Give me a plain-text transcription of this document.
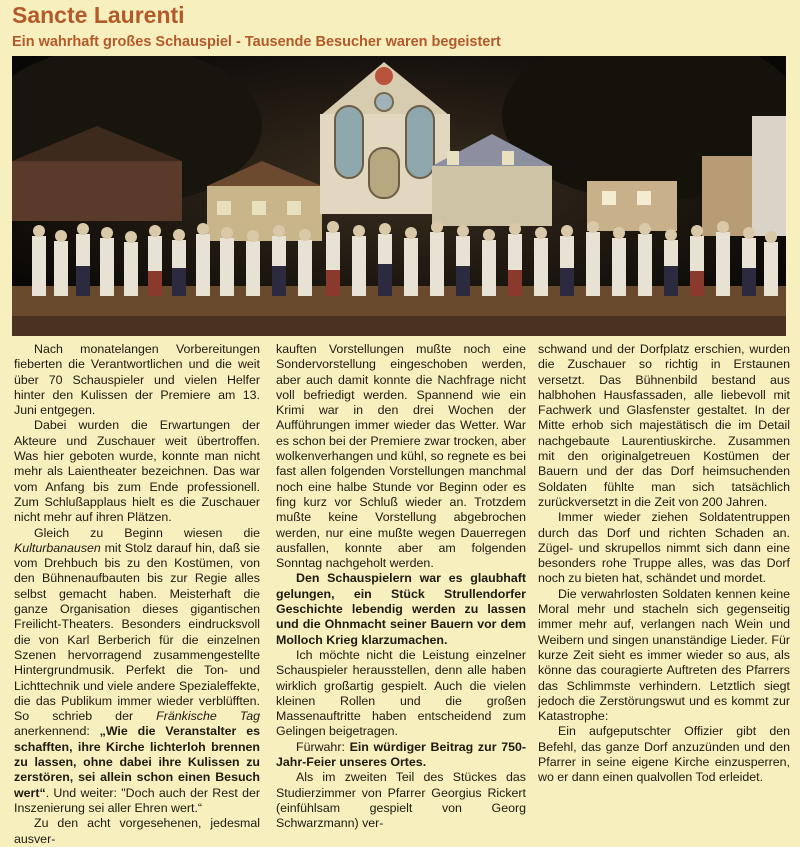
Sancte Laurenti
Ein wahrhaft großes Schauspiel - Tausende Besucher waren begeistert

Nach monatelangen Vorbereitungen fieberten die Verantwortlichen und die weit über 70 Schauspieler und vielen Helfer hinter den Kulissen der Premiere am 13. Juni entgegen.

Dabei wurden die Erwartungen der Akteure und Zuschauer weit übertroffen. Was hier geboten wurde, konnte man nicht mehr als Laientheater bezeichnen. Das war vom Anfang bis zum Ende professionell. Zum Schlußapplaus hielt es die Zuschauer nicht mehr auf ihren Plätzen.

Gleich zu Beginn wiesen die Kulturbanausen mit Stolz darauf hin, daß sie vom Drehbuch bis zu den Kostümen, von den Bühnenaufbauten bis zur Regie alles selbst gemacht haben. Meisterhaft die ganze Organisation dieses gigantischen Freilicht-Theaters. Besonders eindrucksvoll die von Karl Berberich für die einzelnen Szenen hervorragend zusammengestellte Hintergrundmusik. Perfekt die Ton- und Lichttechnik und viele andere Spezialeffekte, die das Publikum immer wieder verblüfften. So schrieb der Fränkische Tag anerkennend: „Wie die Veranstalter es schafften, ihre Kirche lichterloh brennen zu lassen, ohne dabei ihre Kulissen zu zerstören, sei allein schon einen Besuch wert“. Und weiter: "Doch auch der Rest der Inszenierung sei aller Ehren wert.“

Zu den acht vorgesehenen, jedesmal ausver-

kauften Vorstellungen mußte noch eine Sondervorstellung eingeschoben werden, aber auch damit konnte die Nachfrage nicht voll befriedigt werden. Spannend wie ein Krimi war in den drei Wochen der Aufführungen immer wieder das Wetter. War es schon bei der Premiere zwar trocken, aber wolkenverhangen und kühl, so regnete es bei fast allen folgenden Vorstellungen manchmal noch eine halbe Stunde vor Beginn oder es fing kurz vor Schluß wieder an. Trotzdem mußte keine Vorstellung abgebrochen werden, nur eine mußte wegen Dauerregen ausfallen, konnte aber am folgenden Sonntag nachgeholt werden.

Den Schauspielern war es glaubhaft gelungen, ein Stück Strullendorfer Geschichte lebendig werden zu lassen und die Ohnmacht seiner Bauern vor dem Molloch Krieg klarzumachen.

Ich möchte nicht die Leistung einzelner Schauspieler herausstellen, denn alle haben wirklich großartig gespielt. Auch die vielen kleinen Rollen und die großen Massenauftritte haben entscheidend zum Gelingen beigetragen.

Fürwahr: Ein würdiger Beitrag zur 750-Jahr-Feier unseres Ortes.

Als im zweiten Teil des Stückes das Studierzimmer von Pfarrer Georgius Rickert (einfühlsam gespielt von Georg Schwarzmann) ver-

schwand und der Dorfplatz erschien, wurden die Zuschauer so richtig in Erstaunen versetzt. Das Bühnenbild bestand aus halbhohen Hausfassaden, alle liebevoll mit Fachwerk und Glasfenster gestaltet. In der Mitte erhob sich majestätisch die im Detail nachgebaute Laurentiuskirche. Zusammen mit den originalgetreuen Kostümen der Bauern und der das Dorf heimsuchenden Soldaten fühlte man sich tatsächlich zurückversetzt in die Zeit von 200 Jahren.

Immer wieder ziehen Soldatentruppen durch das Dorf und richten Schaden an. Zügel- und skrupellos nimmt sich dann eine besonders rohe Truppe alles, was das Dorf noch zu bieten hat, schändet und mordet.

Die verwahrlosten Soldaten kennen keine Moral mehr und stacheln sich gegenseitig immer mehr auf, verlangen nach Wein und Weibern und singen unanständige Lieder. Für kurze Zeit sieht es immer wieder so aus, als könne das couragierte Auftreten des Pfarrers das Schlimmste verhindern. Letztlich siegt jedoch die Zerstörungswut und es kommt zur Katastrophe:

Ein aufgeputschter Offizier gibt den Befehl, das ganze Dorf anzuzünden und den Pfarrer in seine eigene Kirche einzusperren, wo er dann einen qualvollen Tod erleidet.
